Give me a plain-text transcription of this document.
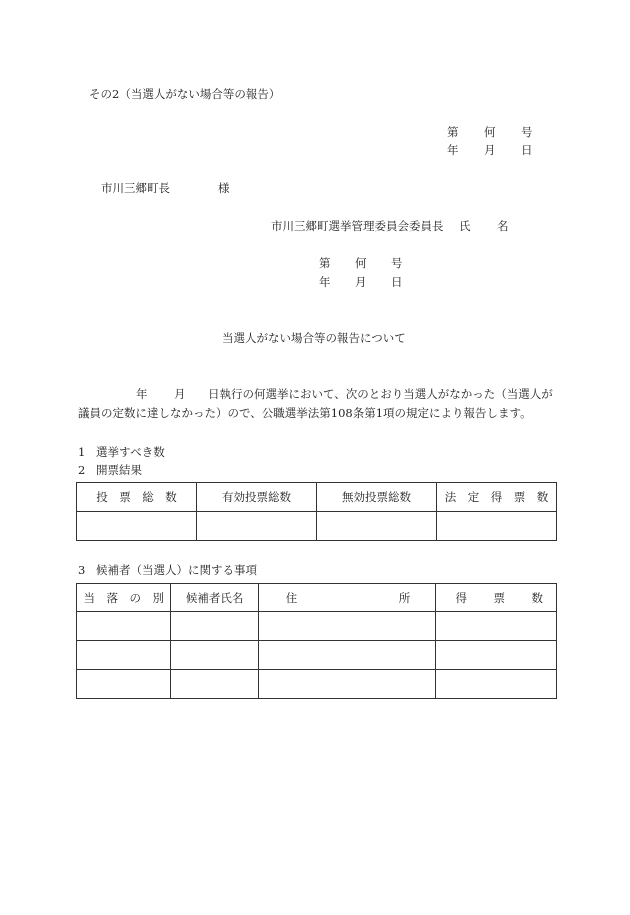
その2（当選人がない場合等の報告）
第 何 号
年 月 日
市川三郷町長	様
市川三郷町選挙管理委員会委員長 氏 名
第 何 号
年 月 日
当選人がない場合等の報告について
年 月 日執行の何選挙において、次のとおり当選人がなかった（当選人が
議員の定数に達しなかった）ので、公職選挙法第108条第1項の規定により報告します。
1 選挙すべき数
2 開票結果
投　票　総　数	有効投票総数	無効投票総数	法　定　得　票　数

3 候補者（当選人）に関する事項
当　落　の　別	候補者氏名	住 所	得 票 数
